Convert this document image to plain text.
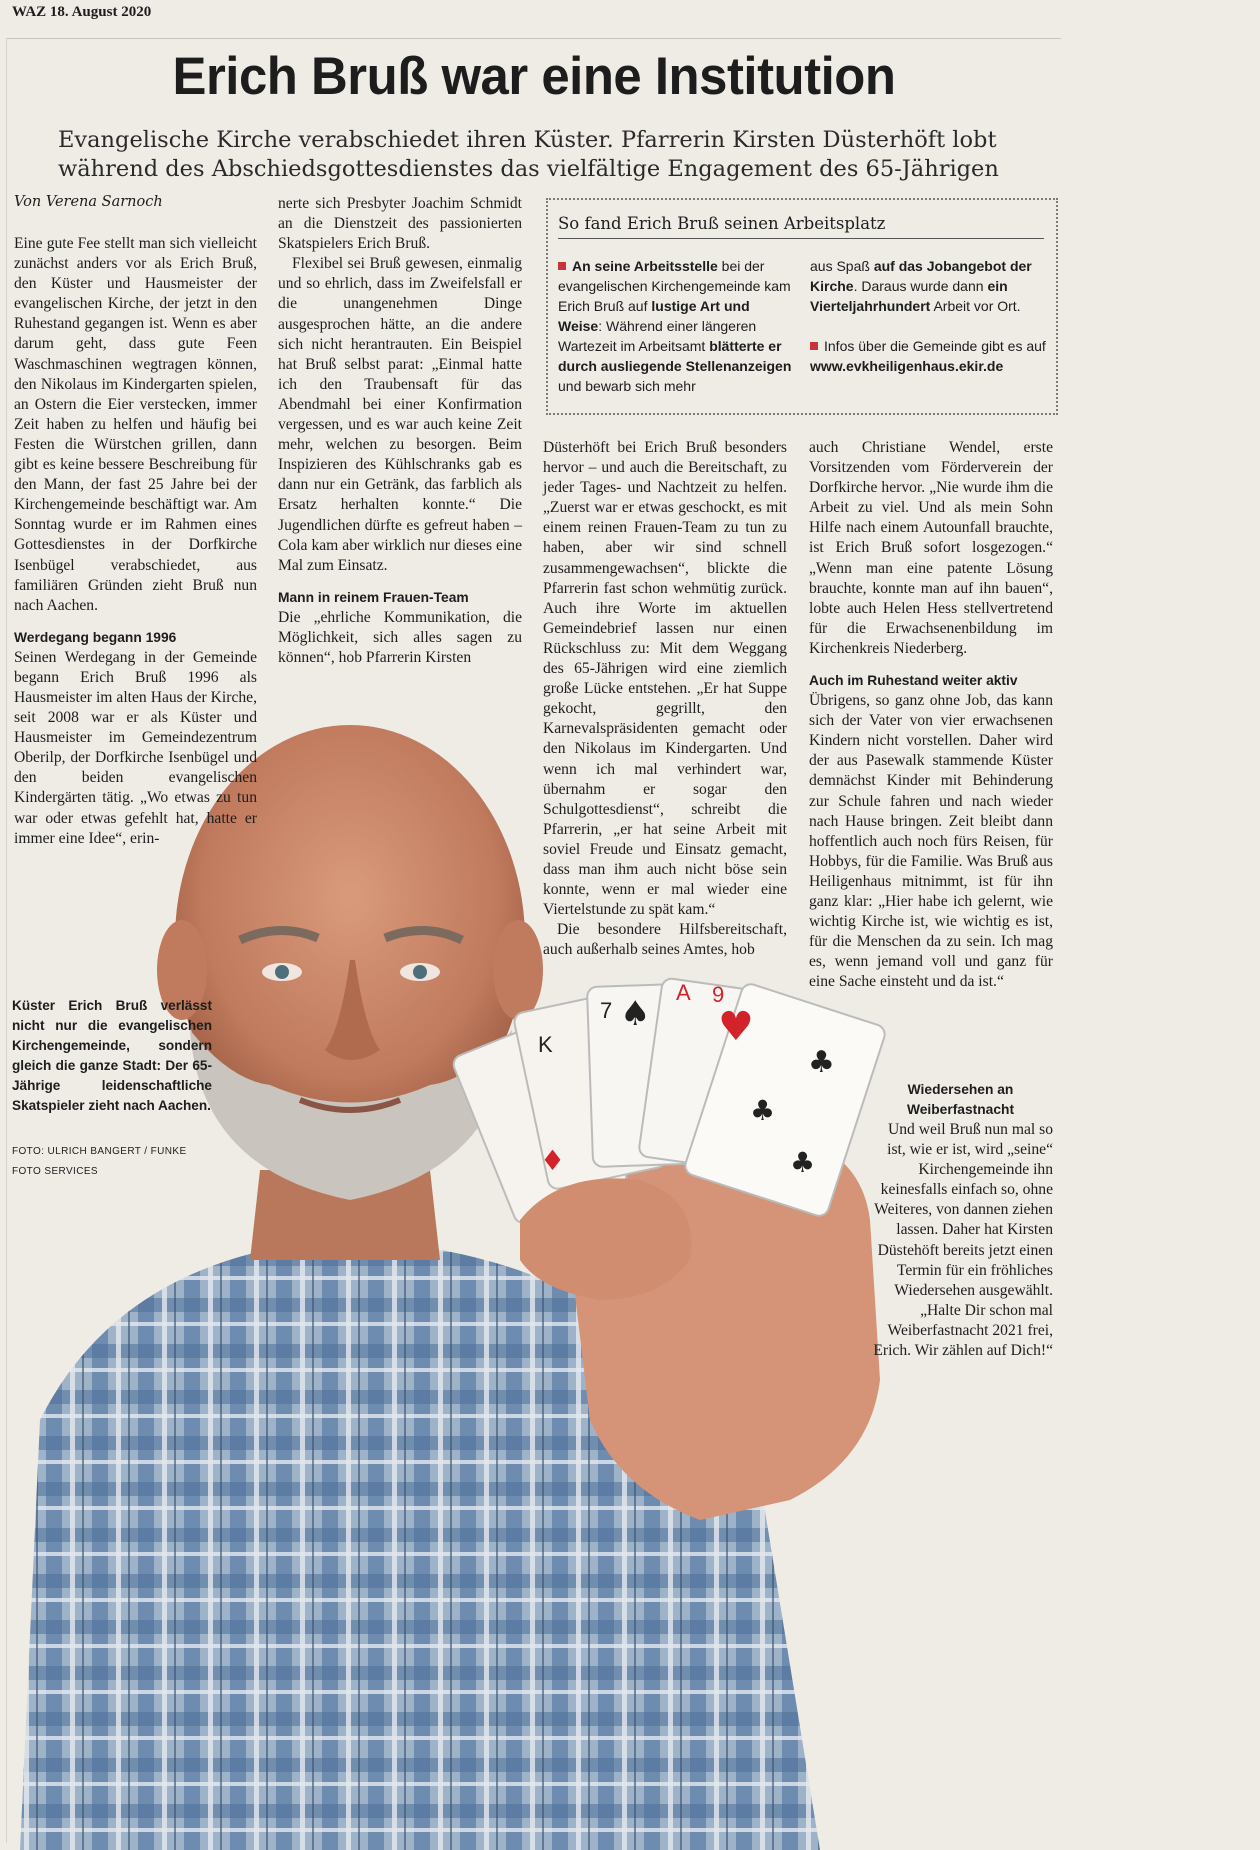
WAZ 18. August 2020
Erich Bruß war eine Institution
Evangelische Kirche verabschiedet ihren Küster. Pfarrerin Kirsten Düsterhöft lobt
während des Abschiedsgottesdienstes das vielfältige Engagement des 65-Jährigen
Von Verena Sarnoch
K
7
A 9
♠ ♥
♣
♣
♣
♦

Eine gute Fee stellt man sich vielleicht zunächst anders vor als Erich Bruß, den Küster und Hausmeister der evangelischen Kirche, der jetzt in den Ruhestand gegangen ist. Wenn es aber darum geht, dass gute Feen Waschmaschinen wegtragen können, den Nikolaus im Kindergarten spielen, an Ostern die Eier verstecken, immer Zeit haben zu helfen und häufig bei Festen die Würstchen grillen, dann gibt es keine bessere Beschreibung für den Mann, der fast 25 Jahre bei der Kirchengemeinde beschäftigt war. Am Sonntag wurde er im Rahmen eines Gottesdienstes in der Dorfkirche Isenbügel verabschiedet, aus familiären Gründen zieht Bruß nun nach Aachen.

Werdegang begann 1996

Seinen Werdegang in der Gemeinde begann Erich Bruß 1996 als Hausmeister im alten Haus der Kirche, seit 2008 war er als Küster und Hausmeister im Gemeindezentrum Oberilp, der Dorfkirche Isenbügel und den beiden evangelischen Kindergärten tätig. „Wo etwas zu tun war oder etwas gefehlt hat, hatte er immer eine Idee“, erin-

nerte sich Presbyter Joachim Schmidt an die Dienstzeit des passionierten Skatspielers Erich Bruß.

Flexibel sei Bruß gewesen, einmalig und so ehrlich, dass im Zweifelsfall er die unangenehmen Dinge ausgesprochen hätte, an die andere sich nicht herantrauten. Ein Beispiel hat Bruß selbst parat: „Einmal hatte ich den Traubensaft für das Abendmahl bei einer Konfirmation vergessen, und es war auch keine Zeit mehr, welchen zu besorgen. Beim Inspizieren des Kühlschranks gab es dann nur ein Getränk, das farblich als Ersatz herhalten konnte.“ Die Jugendlichen dürfte es gefreut haben – Cola kam aber wirklich nur dieses eine Mal zum Einsatz.

Mann in reinem Frauen-Team

Die „ehrliche Kommunikation, die Möglichkeit, sich alles sagen zu können“, hob Pfarrerin Kirsten

So fand Erich Bruß seinen Arbeitsplatz
An seine Arbeitsstelle bei der evangelischen Kirchengemeinde kam Erich Bruß auf lustige Art und Weise: Während einer längeren Wartezeit im Arbeitsamt blätterte er durch ausliegende Stellenanzeigen und bewarb sich mehr
aus Spaß auf das Jobangebot der Kirche. Daraus wurde dann ein Vierteljahrhundert Arbeit vor Ort.
Infos über die Gemeinde gibt es auf www.evkheiligenhaus.ekir.de

Düsterhöft bei Erich Bruß besonders hervor – und auch die Bereitschaft, zu jeder Tages- und Nachtzeit zu helfen. „Zuerst war er etwas geschockt, es mit einem reinen Frauen-Team zu tun zu haben, aber wir sind schnell zusammengewachsen“, blickte die Pfarrerin fast schon wehmütig zurück. Auch ihre Worte im aktuellen Gemeindebrief lassen nur einen Rückschluss zu: Mit dem Weggang des 65-Jährigen wird eine ziemlich große Lücke entstehen. „Er hat Suppe gekocht, gegrillt, den Karnevalspräsidenten gemacht oder den Nikolaus im Kindergarten. Und wenn ich mal verhindert war, übernahm er sogar den Schulgottesdienst“, schreibt die Pfarrerin, „er hat seine Arbeit mit soviel Freude und Einsatz gemacht, dass man ihm auch nicht böse sein konnte, wenn er mal wieder eine Viertelstunde zu spät kam.“

Die besondere Hilfsbereitschaft, auch außerhalb seines Amtes, hob

auch Christiane Wendel, erste Vorsitzenden vom Förderverein der Dorfkirche hervor. „Nie wurde ihm die Arbeit zu viel. Und als mein Sohn Hilfe nach einem Autounfall brauchte, ist Erich Bruß sofort losgezogen.“ „Wenn man eine patente Lösung brauchte, konnte man auf ihn bauen“, lobte auch Helen Hess stellvertretend für die Erwachsenenbildung im Kirchenkreis Niederberg.

Auch im Ruhestand weiter aktiv

Übrigens, so ganz ohne Job, das kann sich der Vater von vier erwachsenen Kindern nicht vorstellen. Daher wird der aus Pasewalk stammende Küster demnächst Kinder mit Behinderung zur Schule fahren und nach wieder nach Hause bringen. Zeit bleibt dann hoffentlich auch noch fürs Reisen, für Hobbys, für die Familie. Was Bruß aus Heiligenhaus mitnimmt, ist für ihn ganz klar: „Hier habe ich gelernt, wie wichtig Kirche ist, wie wichtig es ist, für die Menschen da zu sein. Ich mag es, wenn jemand voll und ganz für eine Sache einsteht und da ist.“

Wiedersehen an Weiberfastnacht

Und weil Bruß nun mal so ist, wie er ist, wird „seine“ Kirchengemeinde ihn keinesfalls einfach so, ohne Weiteres, von dannen ziehen lassen. Daher hat Kirsten Düstehöft bereits jetzt einen Termin für ein fröhliches Wiedersehen ausgewählt. „Halte Dir schon mal Weiberfastnacht 2021 frei, Erich. Wir zählen auf Dich!“

Küster Erich Bruß verlässt nicht nur die evangelischen Kirchengemeinde, sondern gleich die ganze Stadt: Der 65-Jährige leidenschaftliche Skatspieler zieht nach Aachen.
FOTO: ULRICH BANGERT / FUNKE
FOTO SERVICES
